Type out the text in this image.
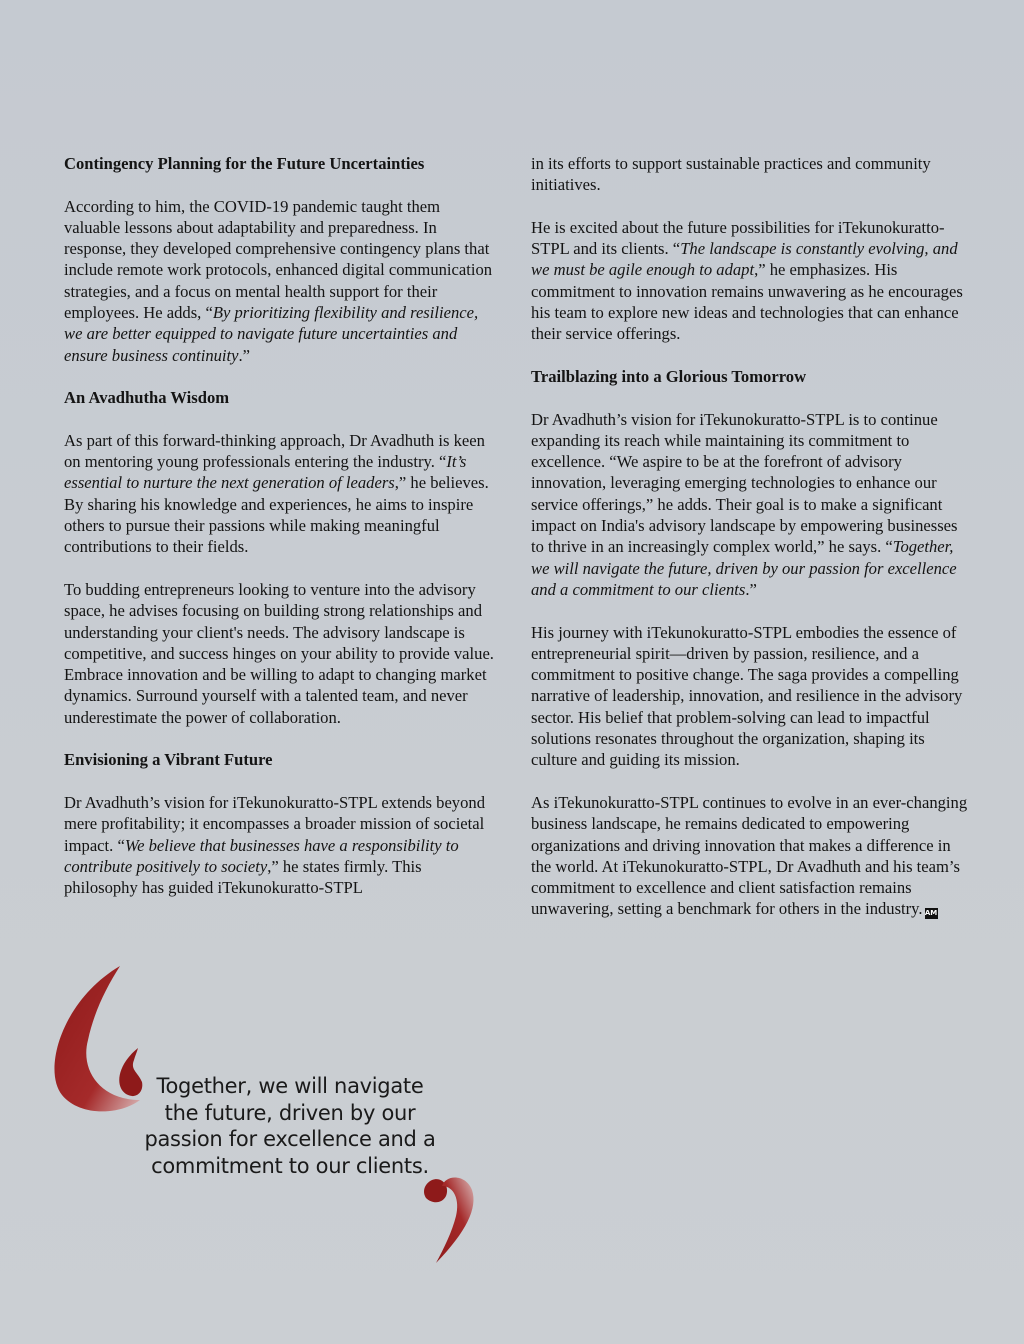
Contingency Planning for the Future Uncertainties

According to him, the COVID-19 pandemic taught them valuable lessons about adaptability and preparedness. In response, they developed comprehensive contingency plans that include remote work protocols, enhanced digital communication strategies, and a focus on mental health support for their employees. He adds, “By prioritizing flexibility and resilience, we are better equipped to navigate future uncertainties and ensure business continuity.”

An Avadhutha Wisdom

As part of this forward-thinking approach, Dr Avadhuth is keen on mentoring young professionals entering the industry. “It’s essential to nurture the next generation of leaders,” he believes. By sharing his knowledge and experiences, he aims to inspire others to pursue their passions while making meaningful contributions to their fields.

To budding entrepreneurs looking to venture into the advisory space, he advises focusing on building strong relationships and understanding your client's needs. The advisory landscape is competitive, and success hinges on your ability to provide value. Embrace innovation and be willing to adapt to changing market dynamics. Surround yourself with a talented team, and never underestimate the power of collaboration.

Envisioning a Vibrant Future

Dr Avadhuth’s vision for iTekunokuratto-STPL extends beyond mere profitability; it encompasses a broader mission of societal impact. “We believe that businesses have a responsibility to contribute positively to society,” he states firmly. This philosophy has guided iTekunokuratto-STPL

in its efforts to support sustainable practices and community initiatives.

He is excited about the future possibilities for iTekunokuratto-STPL and its clients. “The landscape is constantly evolving, and we must be agile enough to adapt,” he emphasizes. His commitment to innovation remains unwavering as he encourages his team to explore new ideas and technologies that can enhance their service offerings.

Trailblazing into a Glorious Tomorrow

Dr Avadhuth’s vision for iTekunokuratto-STPL is to continue expanding its reach while maintaining its commitment to excellence. “We aspire to be at the forefront of advisory innovation, leveraging emerging technologies to enhance our service offerings,” he adds. Their goal is to make a significant impact on India's advisory landscape by empowering businesses to thrive in an increasingly complex world,” he says. “Together, we will navigate the future, driven by our passion for excellence and a commitment to our clients.”

His journey with iTekunokuratto-STPL embodies the essence of entrepreneurial spirit—driven by passion, resilience, and a commitment to positive change. The saga provides a compelling narrative of leadership, innovation, and resilience in the advisory sector. His belief that problem-solving can lead to impactful solutions resonates throughout the organization, shaping its culture and guiding its mission.

As iTekunokuratto-STPL continues to evolve in an ever-changing business landscape, he remains dedicated to empowering organizations and driving innovation that makes a difference in the world. At iTekunokuratto-STPL, Dr Avadhuth and his team’s commitment to excellence and client satisfaction remains unwavering, setting a benchmark for others in the industry. AM

Together, we will navigate the future, driven by our passion for excellence and a commitment to our clients.
